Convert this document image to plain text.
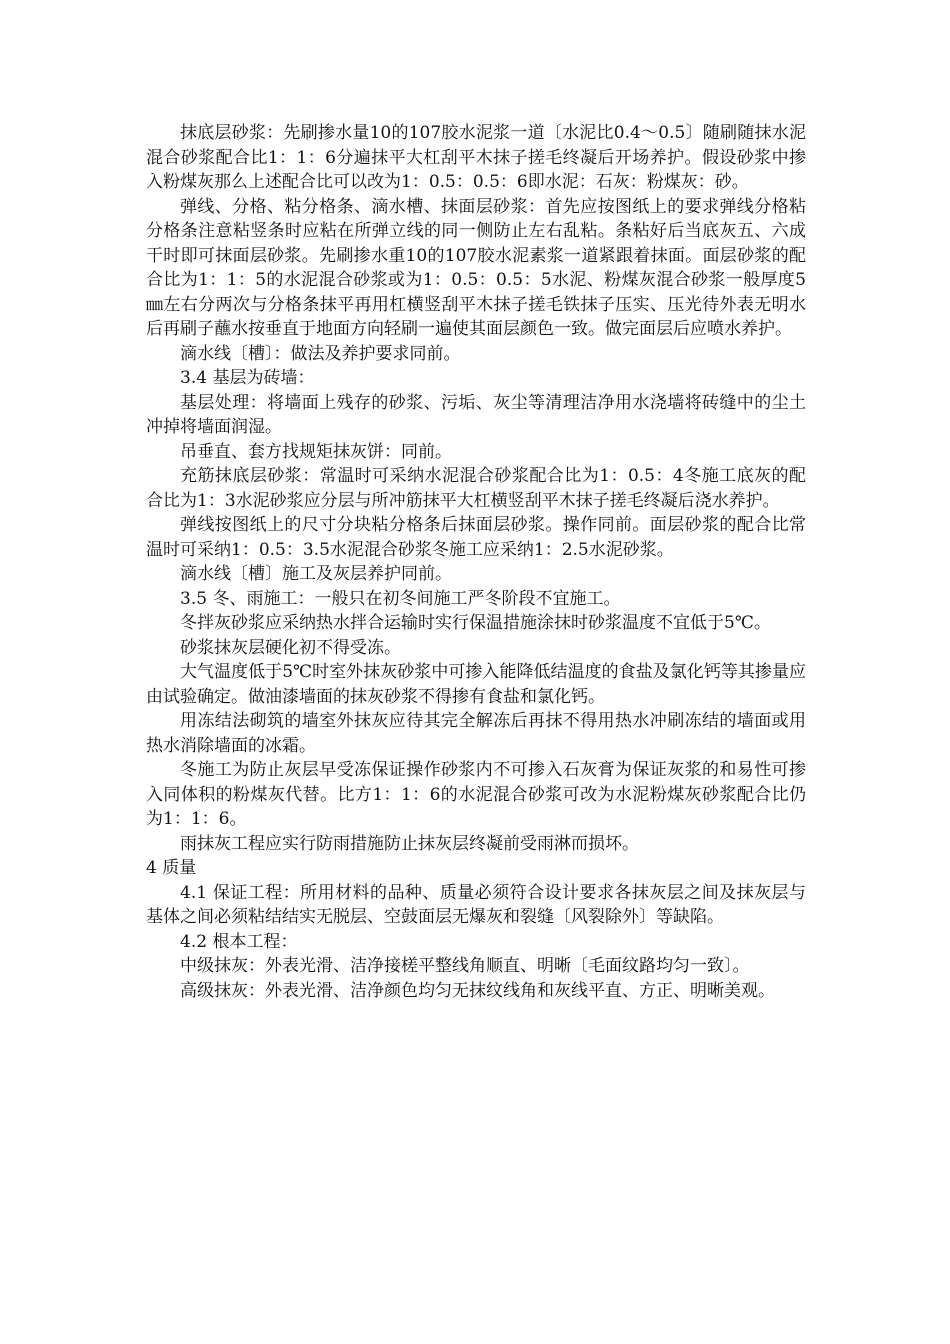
抹底层砂浆：先刷掺水量10的107胶水泥浆一道〔水泥比0.4～0.5〕随刷随抹水泥混合砂浆配合比1：1：6分遍抹平大杠刮平木抹子搓毛终凝后开场养护。假设砂浆中掺入粉煤灰那么上述配合比可以改为1：0.5：0.5：6即水泥：石灰：粉煤灰：砂。

弹线、分格、粘分格条、滴水槽、抹面层砂浆：首先应按图纸上的要求弹线分格粘分格条注意粘竖条时应粘在所弹立线的同一侧防止左右乱粘。条粘好后当底灰五、六成干时即可抹面层砂浆。先刷掺水重10的107胶水泥素浆一道紧跟着抹面。面层砂浆的配合比为1：1：5的水泥混合砂浆或为1：0.5：0.5：5水泥、粉煤灰混合砂浆一般厚度5㎜左右分两次与分格条抹平再用杠横竖刮平木抹子搓毛铁抹子压实、压光待外表无明水后再刷子蘸水按垂直于地面方向轻刷一遍使其面层颜色一致。做完面层后应喷水养护。

滴水线〔槽〕：做法及养护要求同前。

3.4 基层为砖墙：

基层处理：将墙面上残存的砂浆、污垢、灰尘等清理洁净用水浇墙将砖缝中的尘土冲掉将墙面润湿。

吊垂直、套方找规矩抹灰饼：同前。

充筋抹底层砂浆：常温时可采纳水泥混合砂浆配合比为1：0.5：4冬施工底灰的配合比为1：3水泥砂浆应分层与所冲筋抹平大杠横竖刮平木抹子搓毛终凝后浇水养护。

弹线按图纸上的尺寸分块粘分格条后抹面层砂浆。操作同前。面层砂浆的配合比常温时可采纳1：0.5：3.5水泥混合砂浆冬施工应采纳1：2.5水泥砂浆。

滴水线〔槽〕施工及灰层养护同前。

3.5 冬、雨施工：一般只在初冬间施工严冬阶段不宜施工。

冬拌灰砂浆应采纳热水拌合运输时实行保温措施涂抹时砂浆温度不宜低于5℃。

砂浆抹灰层硬化初不得受冻。

大气温度低于5℃时室外抹灰砂浆中可掺入能降低结温度的食盐及氯化钙等其掺量应由试验确定。做油漆墙面的抹灰砂浆不得掺有食盐和氯化钙。

用冻结法砌筑的墙室外抹灰应待其完全解冻后再抹不得用热水冲刷冻结的墙面或用热水消除墙面的冰霜。

冬施工为防止灰层早受冻保证操作砂浆内不可掺入石灰膏为保证灰浆的和易性可掺入同体积的粉煤灰代替。比方1：1：6的水泥混合砂浆可改为水泥粉煤灰砂浆配合比仍为1：1：6。

雨抹灰工程应实行防雨措施防止抹灰层终凝前受雨淋而损坏。

4 质量

4.1 保证工程：所用材料的品种、质量必须符合设计要求各抹灰层之间及抹灰层与基体之间必须粘结结实无脱层、空鼓面层无爆灰和裂缝〔风裂除外〕等缺陷。

4.2 根本工程：

中级抹灰：外表光滑、洁净接槎平整线角顺直、明晰〔毛面纹路均匀一致〕。

高级抹灰：外表光滑、洁净颜色均匀无抹纹线角和灰线平直、方正、明晰美观。
